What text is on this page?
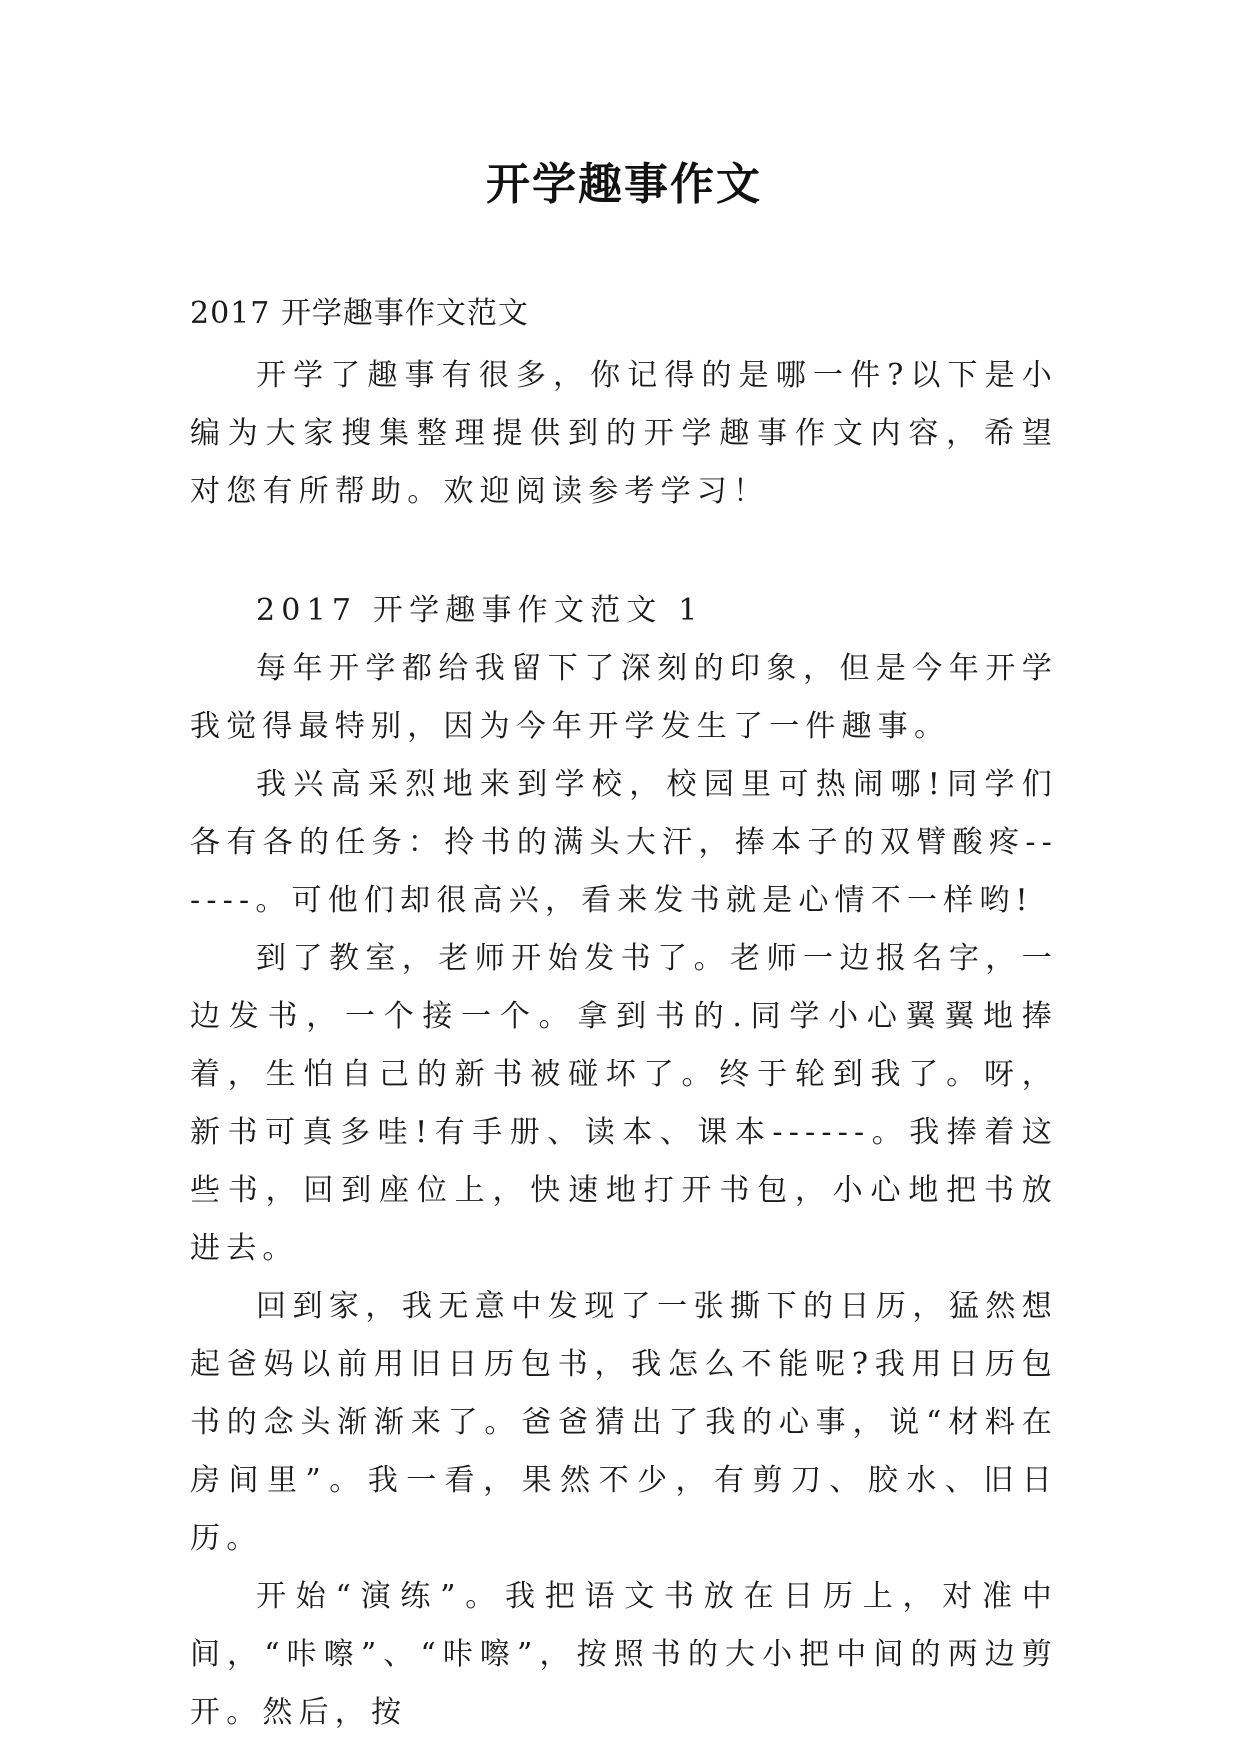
开学趣事作文
2017 开学趣事作文范文

开学了趣事有很多，你记得的是哪一件?以下是小编为大家搜集整理提供到的开学趣事作文内容，希望对您有所帮助。欢迎阅读参考学习！

2017 开学趣事作文范文 1

每年开学都给我留下了深刻的印象，但是今年开学我觉得最特别，因为今年开学发生了一件趣事。

我兴高采烈地来到学校，校园里可热闹哪!同学们各有各的任务：拎书的满头大汗，捧本子的双臂酸疼------。可他们却很高兴，看来发书就是心情不一样哟!

到了教室，老师开始发书了。老师一边报名字，一边发书，一个接一个。拿到书的.同学小心翼翼地捧着，生怕自己的新书被碰坏了。终于轮到我了。呀，新书可真多哇!有手册、读本、课本------。我捧着这些书，回到座位上，快速地打开书包，小心地把书放进去。

回到家，我无意中发现了一张撕下的日历，猛然想起爸妈以前用旧日历包书，我怎么不能呢?我用日历包书的念头渐渐来了。爸爸猜出了我的心事，说“材料在房间里”。我一看，果然不少，有剪刀、胶水、旧日历。

开始“演练”。我把语文书放在日历上，对准中间，“咔嚓”、“咔嚓”，按照书的大小把中间的两边剪开。然后，按
